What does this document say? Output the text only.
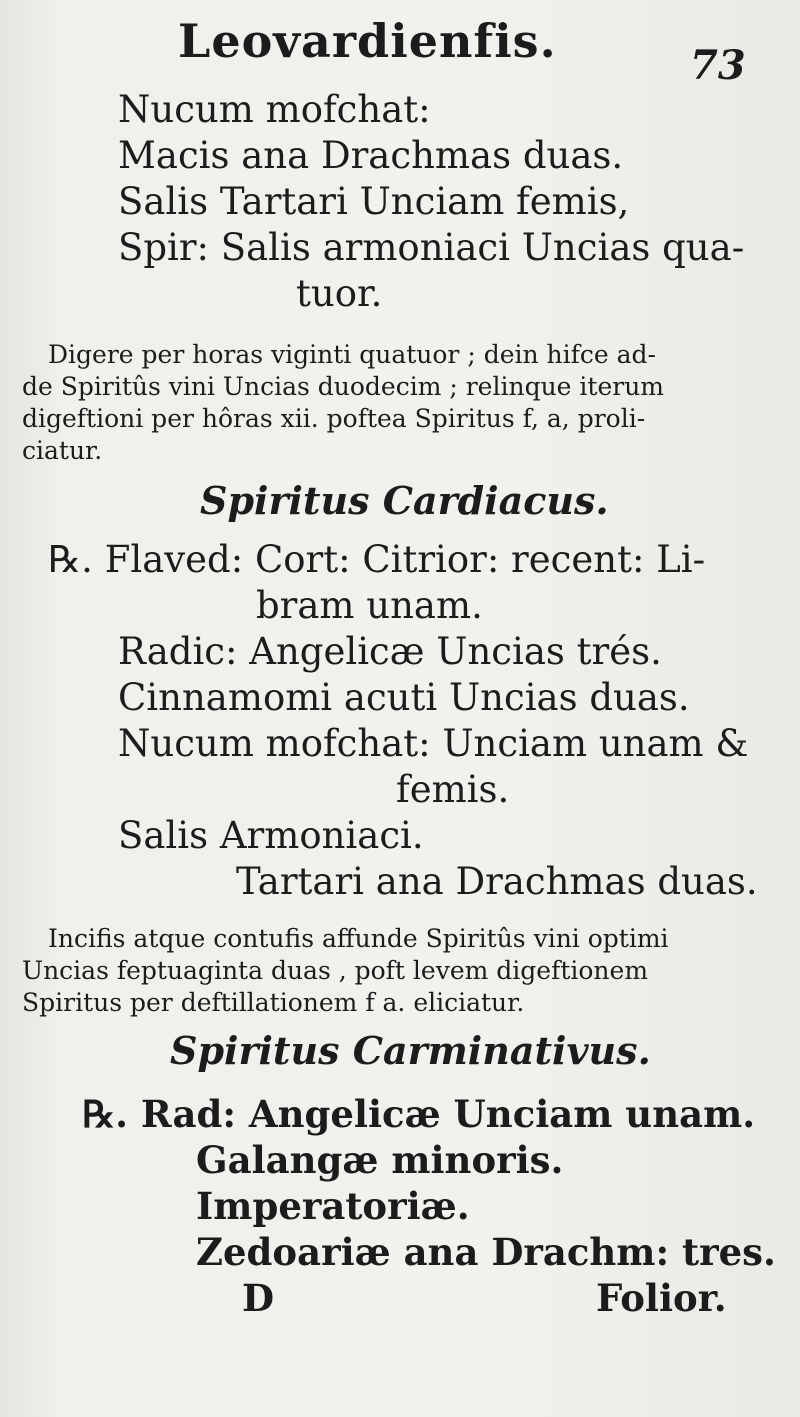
Leovardienfis.	73
Nucum mofchat:
Macis ana Drachmas duas.
Salis Tartari Unciam femis,
Spir: Salis armoniaci Uncias qua-
tuor.
Digere per horas viginti quatuor ; dein hifce ad-
de Spiritûs vini Uncias duodecim ; relinque iterum
digeftioni per hôras xii. poftea Spiritus f, a, proli-
ciatur.
Spiritus Cardiacus.
℞. Flaved: Cort: Citrior: recent: Li-
bram unam.
Radic: Angelicæ Uncias trés.
Cinnamomi acuti Uncias duas.
Nucum mofchat: Unciam unam &
femis.
Salis Armoniaci.
Tartari ana Drachmas duas.
Incifis atque contufis affunde Spiritûs vini optimi
Uncias feptuaginta duas , poft levem digeftionem
Spiritus per deftillationem f a. eliciatur.
Spiritus Carminativus.
℞. Rad: Angelicæ Unciam unam.
Galangæ minoris.
Imperatoriæ.
Zedoariæ ana Drachm: tres.
D	Folior.
